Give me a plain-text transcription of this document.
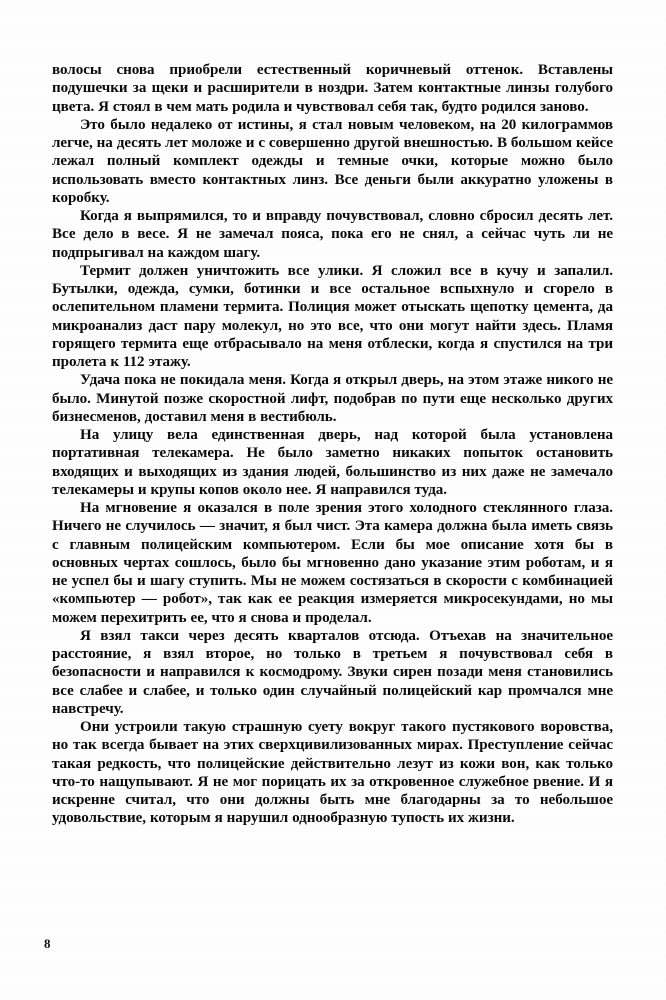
волосы снова приобрели естественный коричневый оттенок. Вставлены подушечки за щеки и расширители в ноздри. Затем контактные линзы голубого цвета. Я стоял в чем мать родила и чувствовал себя так, будто родился заново.

Это было недалеко от истины, я стал новым человеком, на 20 килограммов легче, на десять лет моложе и с совершенно другой внешностью. В большом кейсе лежал полный комплект одежды и темные очки, которые можно было использовать вместо контактных линз. Все деньги были аккуратно уложены в коробку.

Когда я выпрямился, то и вправду почувствовал, словно сбросил десять лет. Все дело в весе. Я не замечал пояса, пока его не снял, а сейчас чуть ли не подпрыгивал на каждом шагу.

Термит должен уничтожить все улики. Я сложил все в кучу и запалил. Бутылки, одежда, сумки, ботинки и все остальное вспыхнуло и сгорело в ослепительном пламени термита. Полиция может отыскать щепотку цемента, да микроанализ даст пару молекул, но это все, что они могут найти здесь. Пламя горящего термита еще отбрасывало на меня отблески, когда я спустился на три пролета к 112 этажу.

Удача пока не покидала меня. Когда я открыл дверь, на этом этаже никого не было. Минутой позже скоростной лифт, подобрав по пути еще несколько других бизнесменов, доставил меня в вестибюль.

На улицу вела единственная дверь, над которой была установлена портативная телекамера. Не было заметно никаких попыток остановить входящих и выходящих из здания людей, большинство из них даже не замечало телекамеры и крупы копов около нее. Я направился туда.

На мгновение я оказался в поле зрения этого холодного стеклянного глаза. Ничего не случилось — значит, я был чист. Эта камера должна была иметь связь с главным полицейским компьютером. Если бы мое описание хотя бы в основных чертах сошлось, было бы мгновенно дано указание этим роботам, и я не успел бы и шагу ступить. Мы не можем состязаться в скорости с комбинацией «компьютер — робот», так как ее реакция измеряется микросекундами, но мы можем перехитрить ее, что я снова и проделал.

Я взял такси через десять кварталов отсюда. Отъехав на значительное расстояние, я взял второе, но только в третьем я почувствовал себя в безопасности и направился к космодрому. Звуки сирен позади меня становились все слабее и слабее, и только один случайный полицейский кар промчался мне навстречу.

Они устроили такую страшную суету вокруг такого пустякового воровства, но так всегда бывает на этих сверхцивилизованных мирах. Преступление сейчас такая редкость, что полицейские действительно лезут из кожи вон, как только что-то нащупывают. Я не мог порицать их за откровенное служебное рвение. И я искренне считал, что они должны быть мне благодарны за то небольшое удовольствие, которым я нарушил однообразную тупость их жизни.

8
